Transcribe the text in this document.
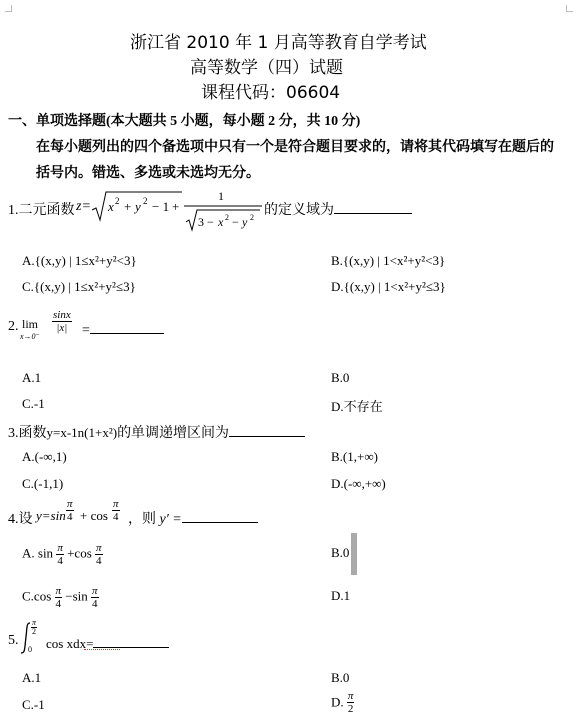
浙江省 2010 年 1 月高等教育自学考试
高等数学（四）试题
课程代码：06604
一、单项选择题(本大题共 5 小题，每小题 2 分，共 10 分)
在每小题列出的四个备选项中只有一个是符合题目要求的，请将其代码填写在题后的
括号内。错选、多选或未选均无分。
1.二元函数 z= x 2 + y 2 − 1 +
1
3 − x 2 − y 2 的定义域为
A.{(x,y) | 1≤x²+y²<3}	B.{(x,y) | 1<x²+y²<3}
C.{(x,y) | 1≤x²+y²≤3}	D.{(x,y) | 1<x²+y²≤3}
2. lim
x→0⁻
$\frac{\sin x}{|x|}$ =
A.1	B.0
C.-1	D.不存在
3.函数y=x-1n(1+x²)的单调递增区间为
A.(-∞,1)	B.(1,+∞)
C.(-1,1)	D.(-∞,+∞)
4.设 $y=\sin \frac{\pi}{4} + \cos \frac{\pi}{4}$ ，则 y′ =
A. $\sin \frac{\pi}{4} +\cos \frac{\pi}{4}$	B.0
$C.\cos \frac{\pi}{4} -\sin \frac{\pi}{4}$	D.1
5.
$\frac{\pi}{2}$
0 cos xdx=
A.1	B.0
C.-1	D. $\frac{\pi}{2}$
